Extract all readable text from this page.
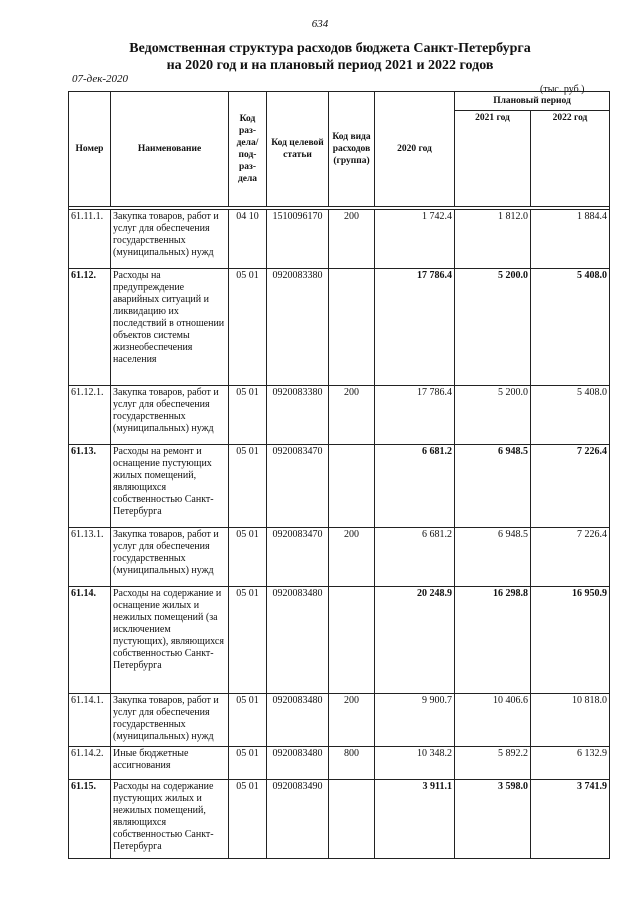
634
Ведомственная структура расходов бюджета Санкт-Петербурга
на 2020 год и на плановый период 2021 и 2022 годов
07-дек-2020
(тыс. руб.)
Номер	Наименование	Код раз-дела/ под-раз-дела	Код целевой статьи	Код вида расходов (группа)	2020 год	Плановый период	
						2021 год	2022 год

61.11.1.	Закупка товаров, работ и услуг для обеспечения государственных (муниципальных) нужд	04 10	1510096170	200	1 742.4	1 812.0	1 884.4
61.12.	Расходы на предупреждение аварийных ситуаций и ликвидацию их последствий в отношении объектов системы жизнеобеспечения населения	05 01	0920083380		17 786.4	5 200.0	5 408.0
61.12.1.	Закупка товаров, работ и услуг для обеспечения государственных (муниципальных) нужд	05 01	0920083380	200	17 786.4	5 200.0	5 408.0
61.13.	Расходы на ремонт и оснащение пустующих жилых помещений, являющихся собственностью Санкт-Петербурга	05 01	0920083470		6 681.2	6 948.5	7 226.4
61.13.1.	Закупка товаров, работ и услуг для обеспечения государственных (муниципальных) нужд	05 01	0920083470	200	6 681.2	6 948.5	7 226.4
61.14.	Расходы на содержание и оснащение жилых и нежилых помещений (за исключением пустующих), являющихся собственностью Санкт-Петербурга	05 01	0920083480		20 248.9	16 298.8	16 950.9
61.14.1.	Закупка товаров, работ и услуг для обеспечения государственных (муниципальных) нужд	05 01	0920083480	200	9 900.7	10 406.6	10 818.0
61.14.2.	Иные бюджетные ассигнования	05 01	0920083480	800	10 348.2	5 892.2	6 132.9
61.15.	Расходы на содержание пустующих жилых и нежилых помещений, являющихся собственностью Санкт-Петербурга	05 01	0920083490		3 911.1	3 598.0	3 741.9
